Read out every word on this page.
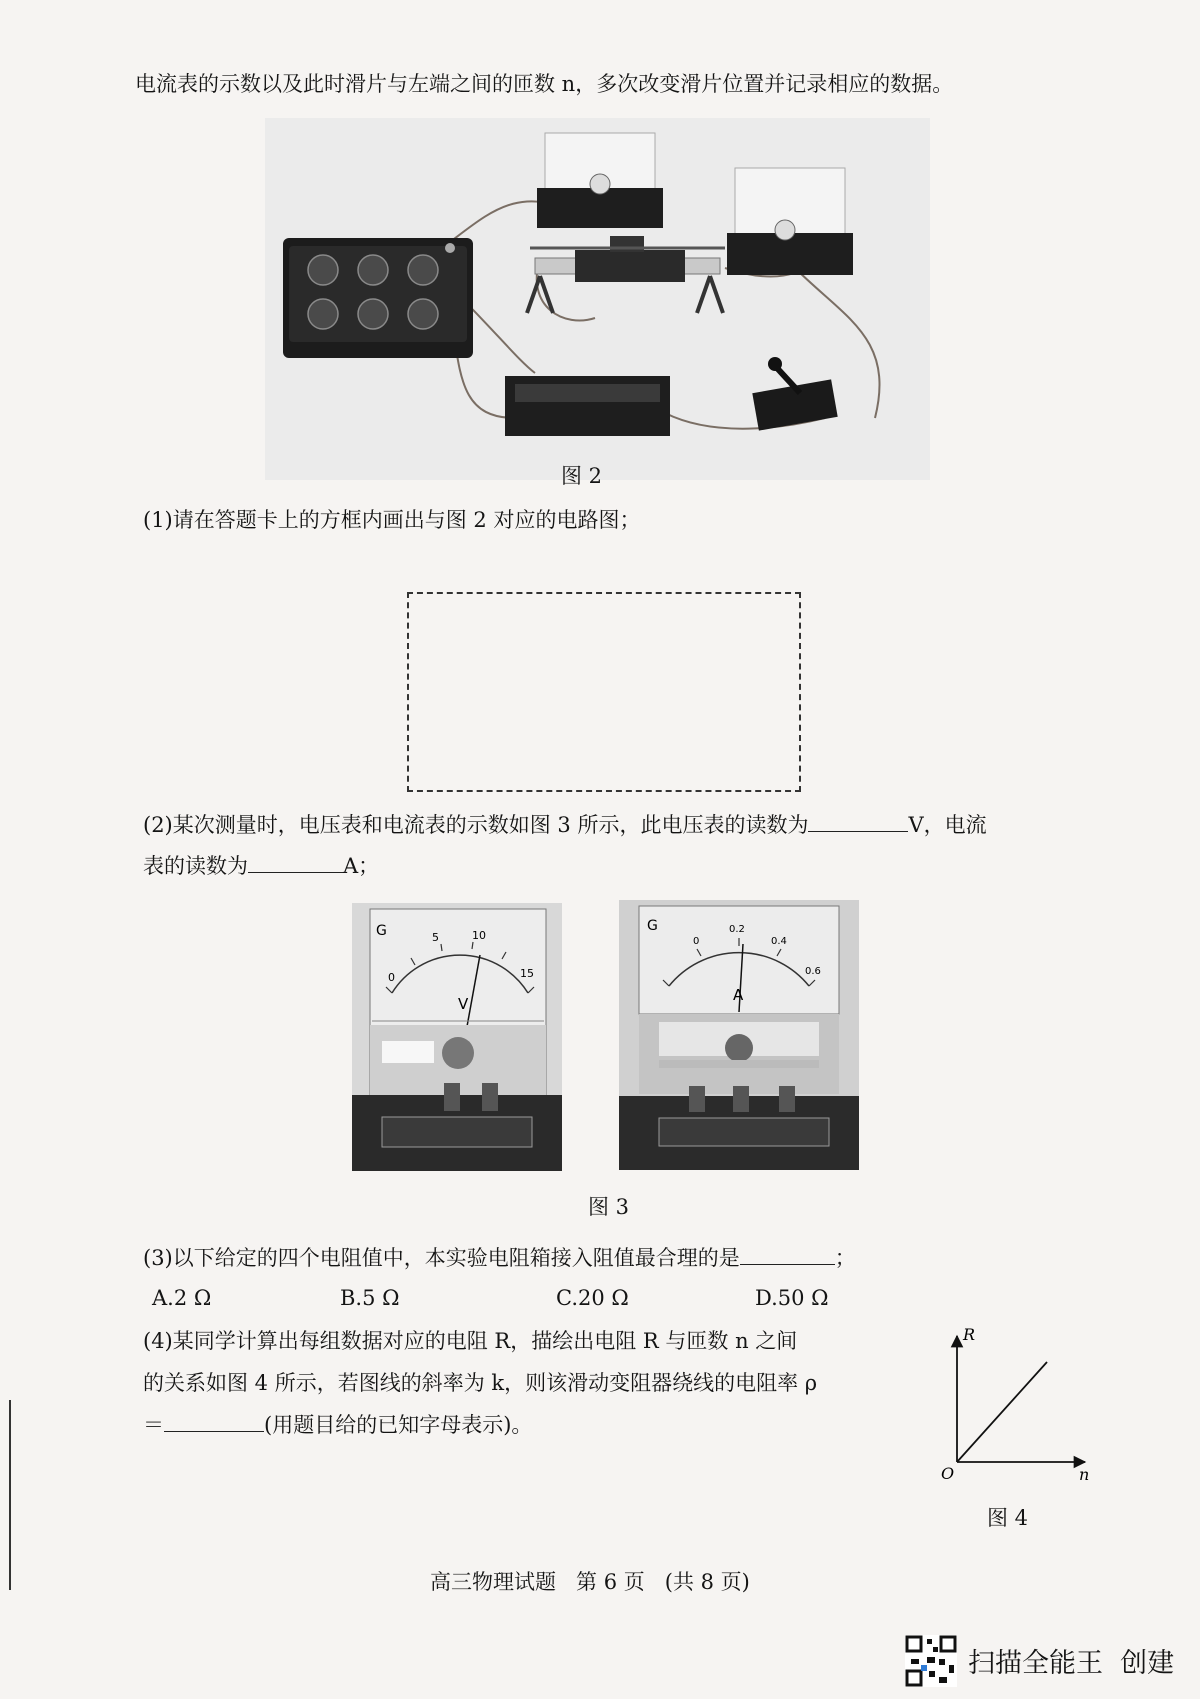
电流表的示数以及此时滑片与左端之间的匝数 n，多次改变滑片位置并记录相应的数据。
图 2
(1)请在答题卡上的方框内画出与图 2 对应的电路图；
(2)某次测量时，电压表和电流表的示数如图 3 所示，此电压表的读数为	V，电流
表的读数为	A；
G
0
5	10
15
V
G
0
0.2
0.4
0.6
A
图 3
(3)以下给定的四个电阻值中，本实验电阻箱接入阻值最合理的是	；
A.2 Ω	B.5 Ω	C.20 Ω	D.50 Ω
(4)某同学计算出每组数据对应的电阻 R，描绘出电阻 R 与匝数 n 之间
的关系如图 4 所示，若图线的斜率为 k，则该滑动变阻器绕线的电阻率 ρ
＝	(用题目给的已知字母表示)。
R
n
O
图 4
高三物理试题   第 6 页   (共 8 页)
扫描全能王  创建
